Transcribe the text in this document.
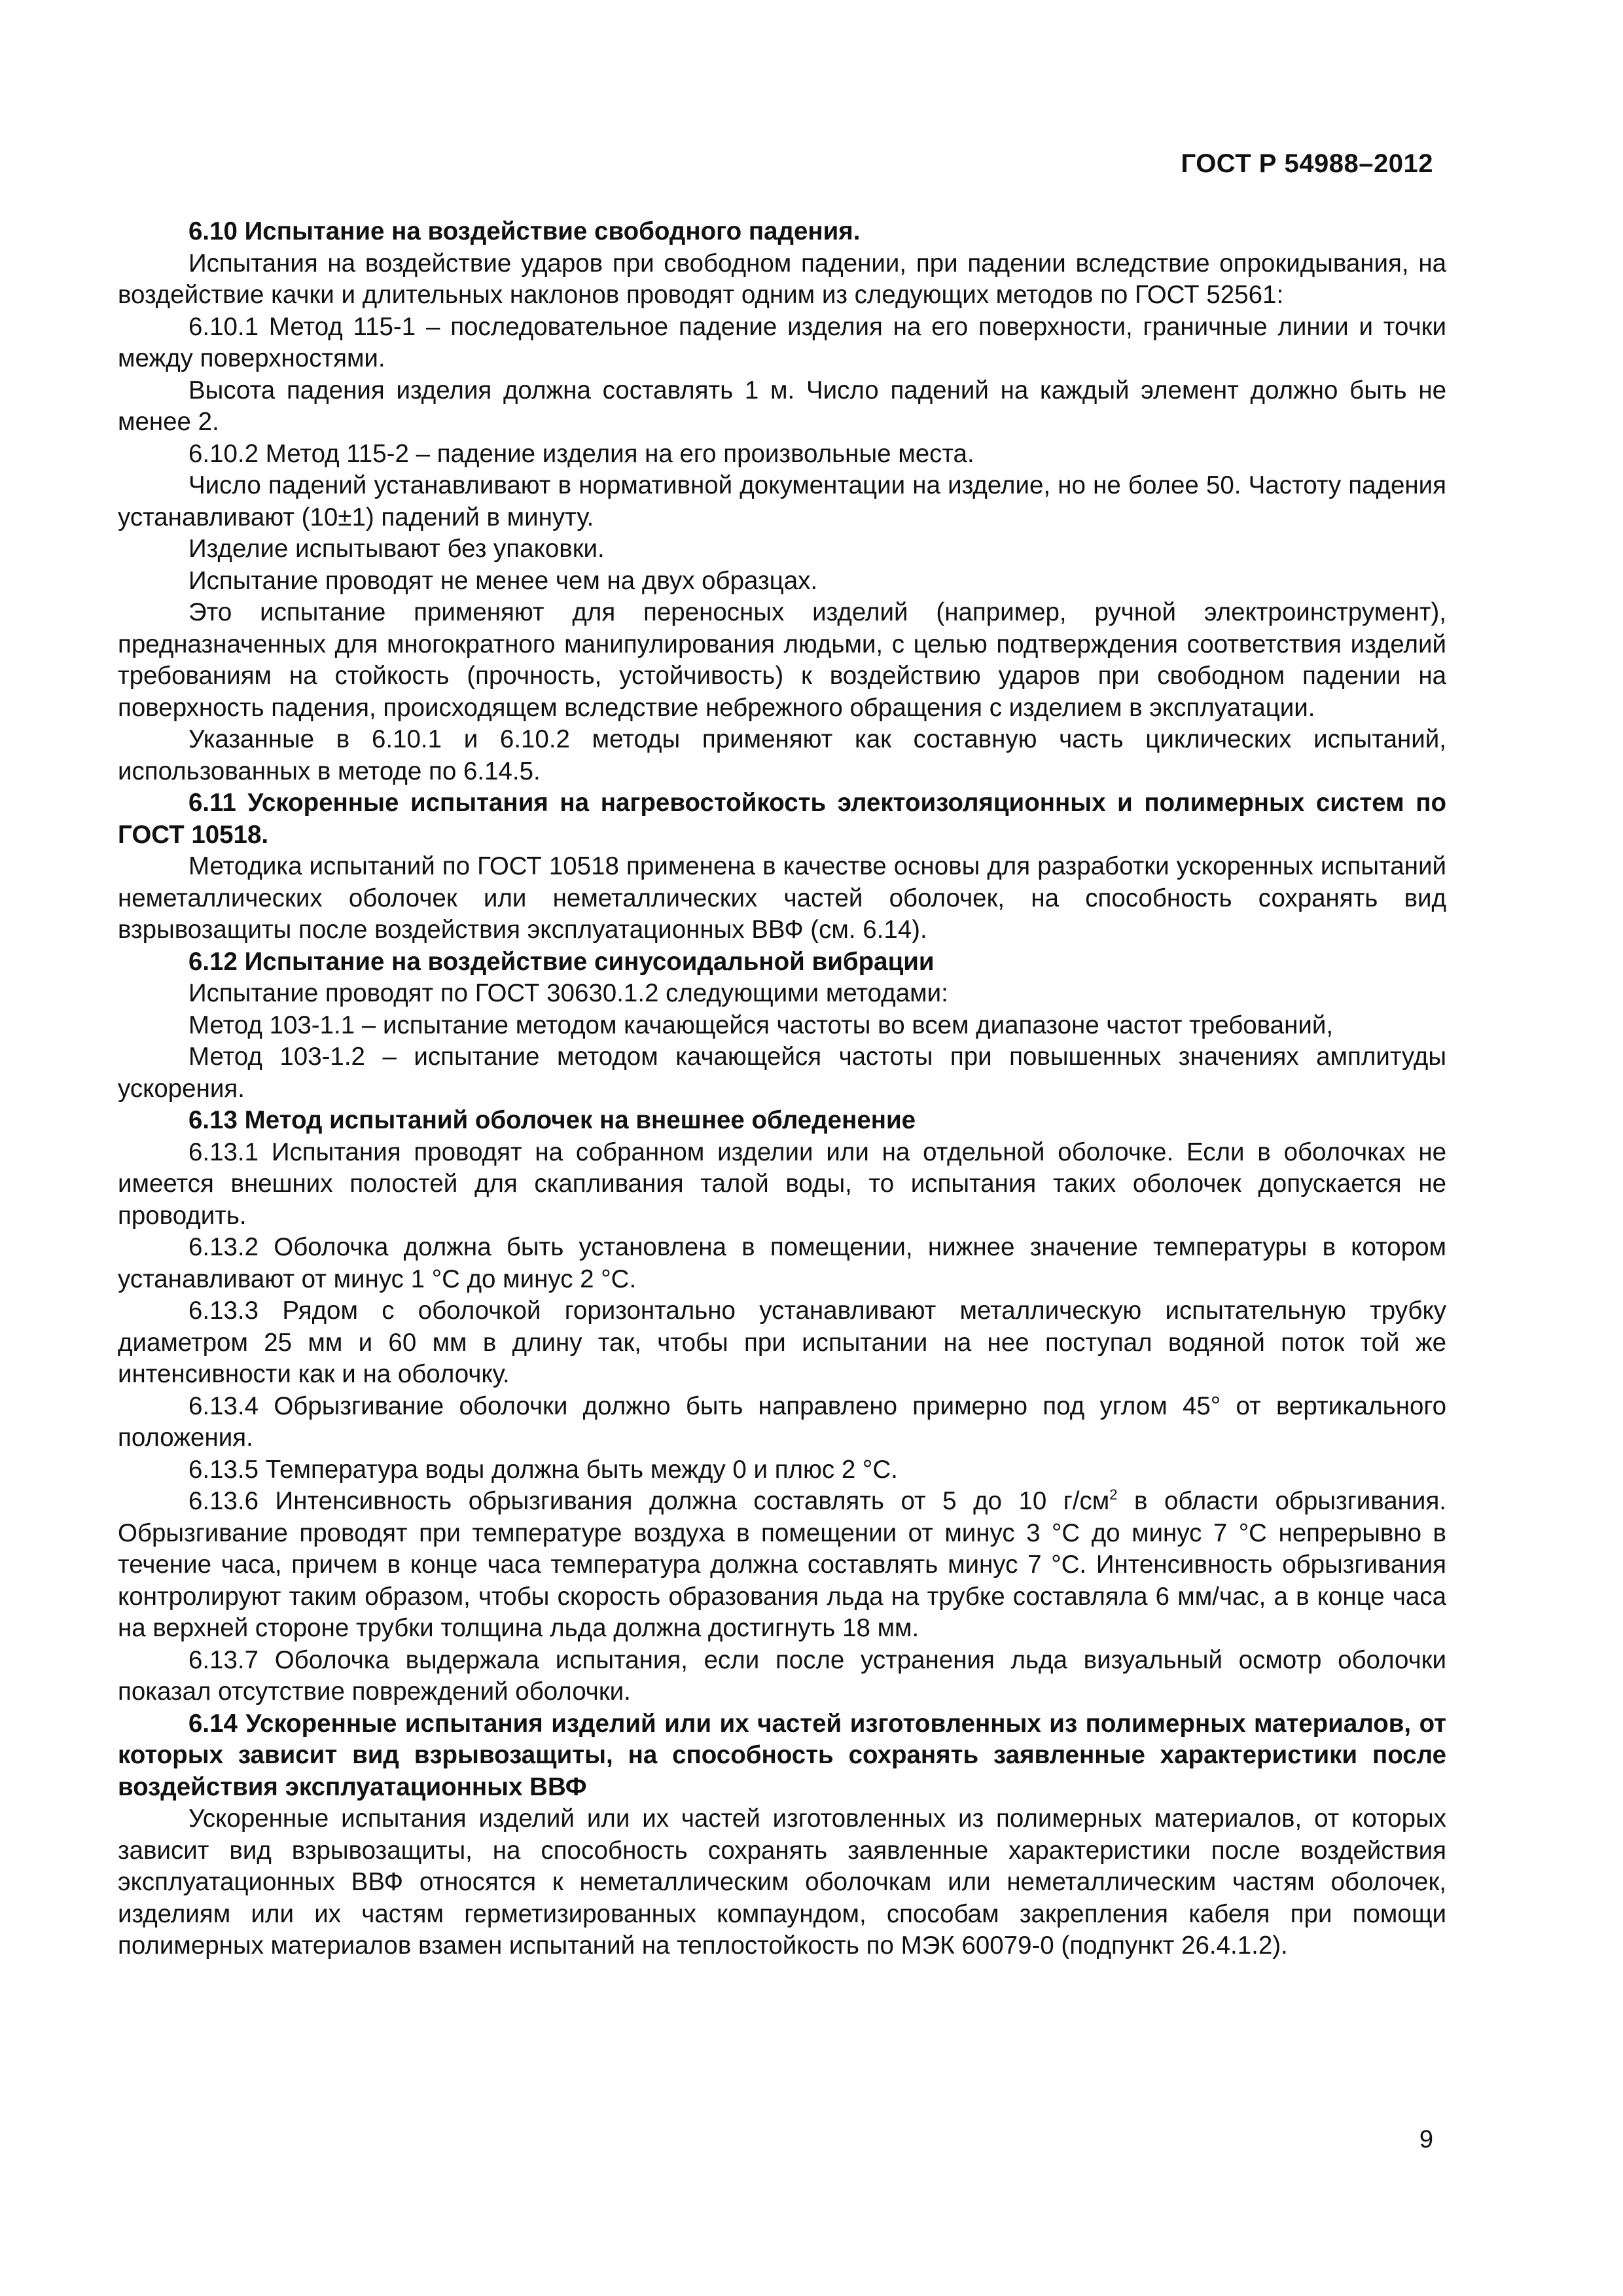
ГОСТ Р 54988–2012

6.10 Испытание на воздействие свободного падения.

Испытания на воздействие ударов при свободном падении, при падении вследствие опрокидывания, на воздействие качки и длительных наклонов проводят одним из следующих методов по ГОСТ 52561:

6.10.1 Метод 115-1 – последовательное падение изделия на его поверхности, граничные линии и точки между поверхностями.

Высота падения изделия должна составлять 1 м. Число падений на каждый элемент должно быть не менее 2.

6.10.2 Метод 115-2 – падение изделия на его произвольные места.

Число падений устанавливают в нормативной документации на изделие, но не более 50. Частоту падения устанавливают (10±1) падений в минуту.

Изделие испытывают без упаковки.

Испытание проводят не менее чем на двух образцах.

Это испытание применяют для переносных изделий (например, ручной электроинструмент), предназначенных для многократного манипулирования людьми, с целью подтверждения соответствия изделий требованиям на стойкость (прочность, устойчивость) к воздействию ударов при свободном падении на поверхность падения, происходящем вследствие небрежного обращения с изделием в эксплуатации.

Указанные в 6.10.1 и 6.10.2 методы применяют как составную часть циклических испытаний, использованных в методе по 6.14.5.

6.11 Ускоренные испытания на нагревостойкость электоизоляционных и полимерных систем по ГОСТ 10518.

Методика испытаний по ГОСТ 10518 применена в качестве основы для разработки ускоренных испытаний неметаллических оболочек или неметаллических частей оболочек, на способность сохранять вид взрывозащиты после воздействия эксплуатационных ВВФ (см. 6.14).

6.12 Испытание на воздействие синусоидальной вибрации

Испытание проводят по ГОСТ 30630.1.2 следующими методами:

Метод 103-1.1 – испытание методом качающейся частоты во всем диапазоне частот требований,

Метод 103-1.2 – испытание методом качающейся частоты при повышенных значениях амплитуды ускорения.

6.13 Метод испытаний оболочек на внешнее обледенение

6.13.1 Испытания проводят на собранном изделии или на отдельной оболочке. Если в оболочках не имеется внешних полостей для скапливания талой воды, то испытания таких оболочек допускается не проводить.

6.13.2 Оболочка должна быть установлена в помещении, нижнее значение температуры в котором устанавливают от минус 1 °С до минус 2 °С.

6.13.3 Рядом с оболочкой горизонтально устанавливают металлическую испытательную трубку диаметром 25 мм и 60 мм в длину так, чтобы при испытании на нее поступал водяной поток той же интенсивности как и на оболочку.

6.13.4 Обрызгивание оболочки должно быть направлено примерно под углом 45° от вертикального положения.

6.13.5 Температура воды должна быть между 0 и плюс 2 °С.

6.13.6 Интенсивность обрызгивания должна составлять от 5 до 10 $г/см^2$ в области обрызгивания. Обрызгивание проводят при температуре воздуха в помещении от минус 3 °С до минус 7 °С непрерывно в течение часа, причем в конце часа температура должна составлять минус 7 °С. Интенсивность обрызгивания контролируют таким образом, чтобы скорость образования льда на трубке составляла 6 мм/час, а в конце часа на верхней стороне трубки толщина льда должна достигнуть 18 мм.

6.13.7 Оболочка выдержала испытания, если после устранения льда визуальный осмотр оболочки показал отсутствие повреждений оболочки.

6.14 Ускоренные испытания изделий или их частей изготовленных из полимерных материалов, от которых зависит вид взрывозащиты, на способность сохранять заявленные характеристики после воздействия эксплуатационных ВВФ

Ускоренные испытания изделий или их частей изготовленных из полимерных материалов, от которых зависит вид взрывозащиты, на способность сохранять заявленные характеристики после воздействия эксплуатационных ВВФ относятся к неметаллическим оболочкам или неметаллическим частям оболочек, изделиям или их частям герметизированных компаундом, способам закрепления кабеля при помощи полимерных материалов взамен испытаний на теплостойкость по МЭК 60079-0 (подпункт 26.4.1.2).

9
